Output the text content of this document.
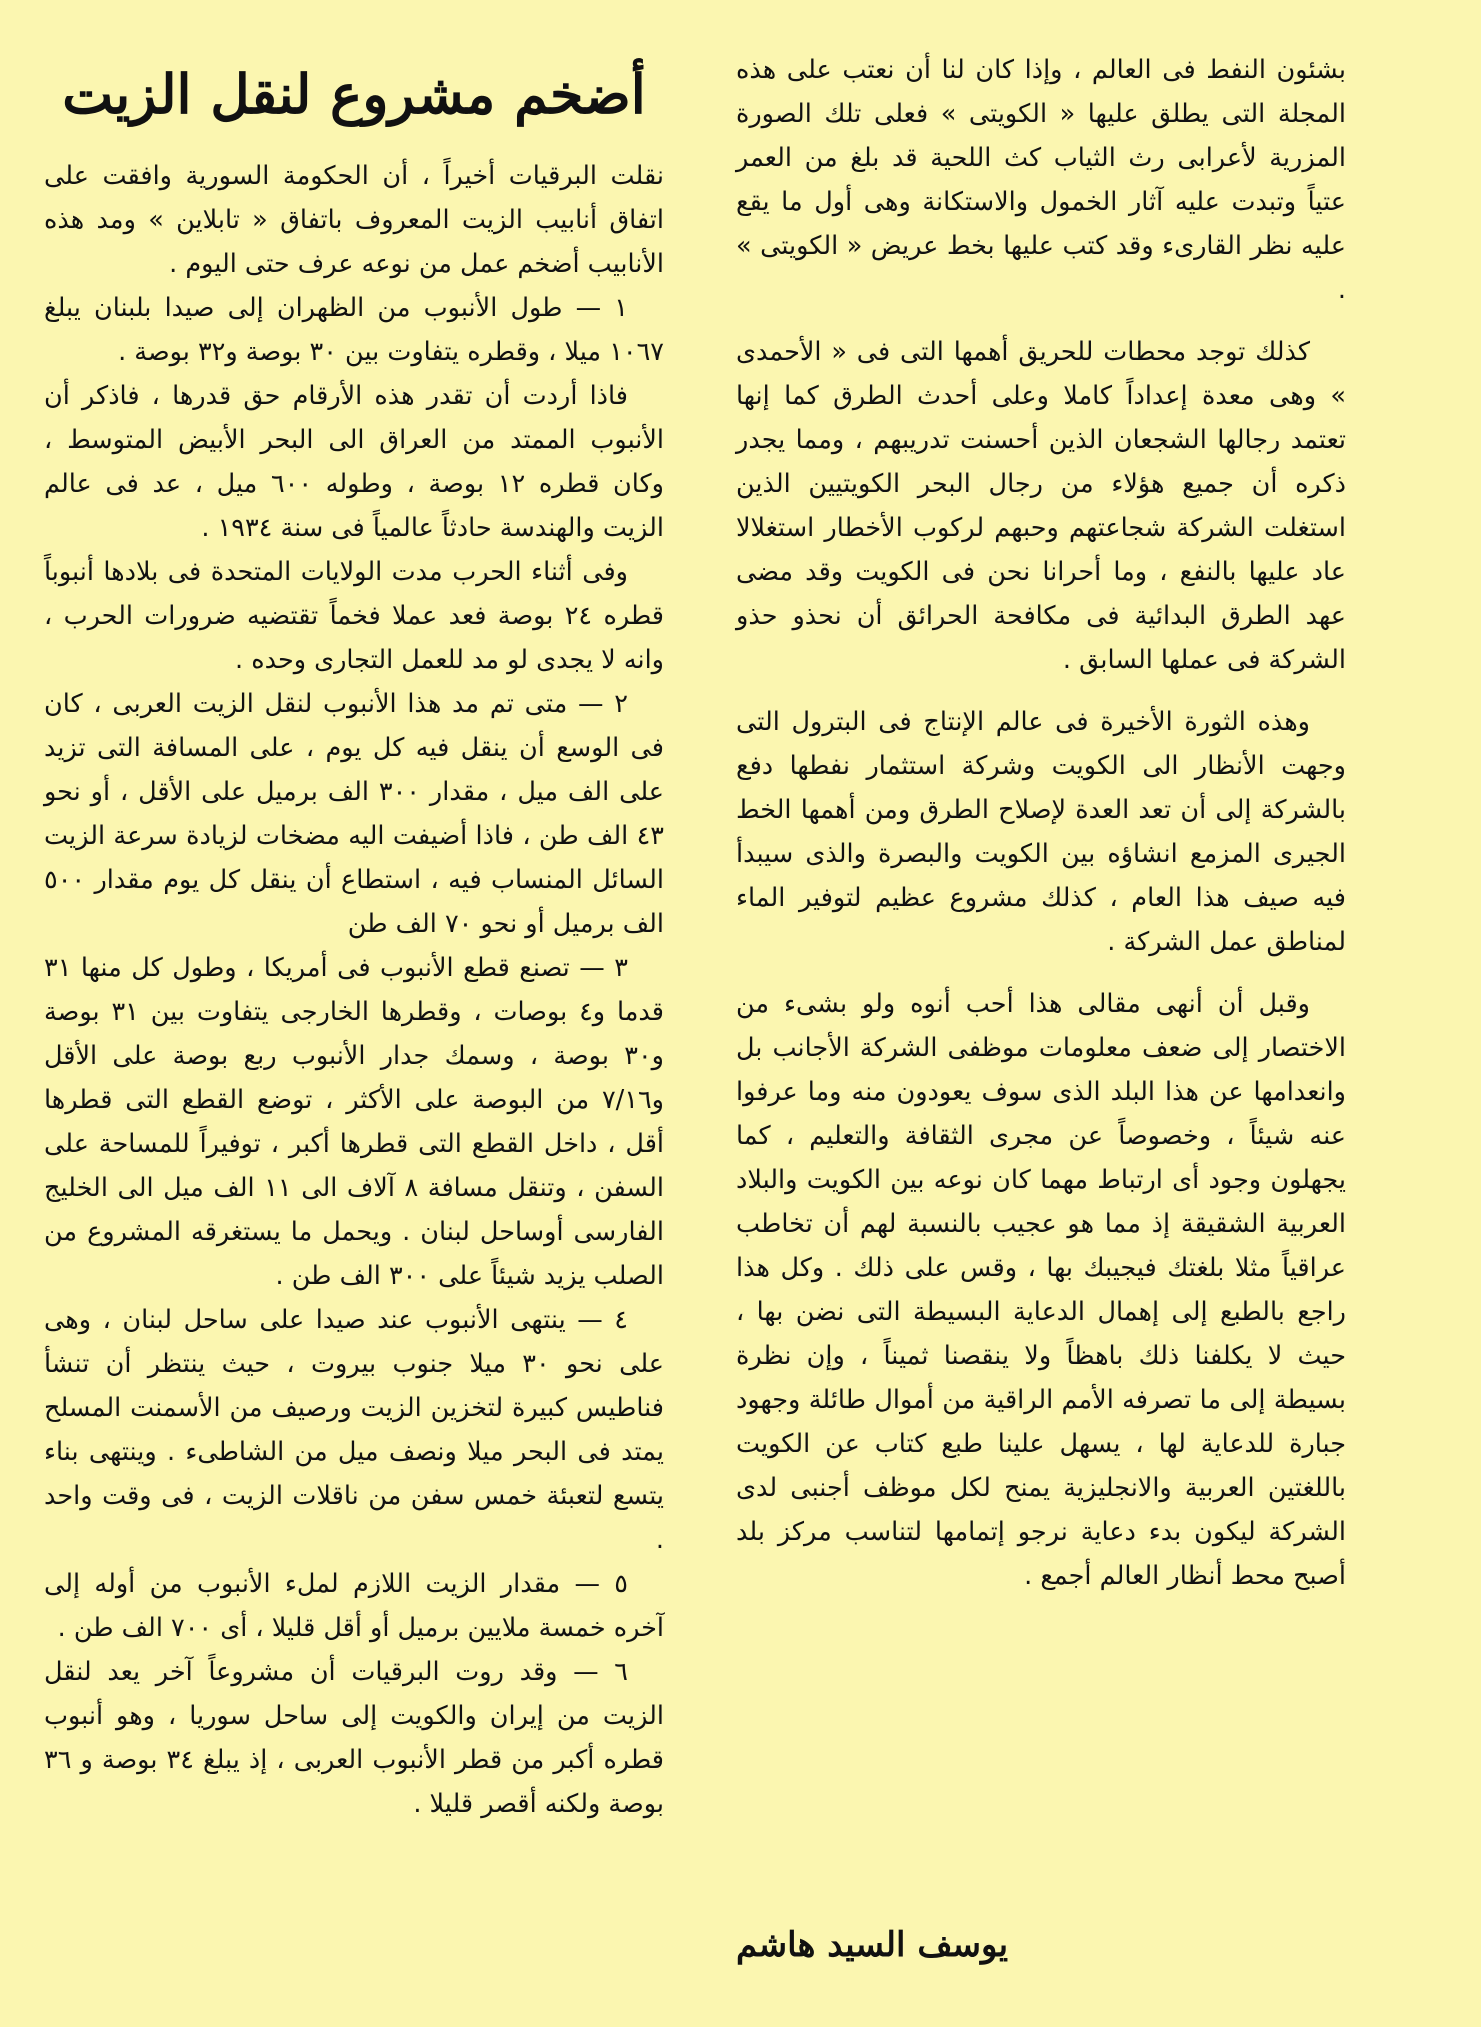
بشئون النفط فى العالم ، وإذا كان لنا أن نعتب على هذه المجلة التى يطلق عليها « الكويتى » فعلى تلك الصورة المزرية لأعرابى رث الثياب كث اللحية قد بلغ من العمر عتياً وتبدت عليه آثار الخمول والاستكانة وهى أول ما يقع عليه نظر القارىء وقد كتب عليها بخط عريض « الكويتى » .

كذلك توجد محطات للحريق أهمها التى فى « الأحمدى » وهى معدة إعداداً كاملا وعلى أحدث الطرق كما إنها تعتمد رجالها الشجعان الذين أحسنت تدريبهم ، ومما يجدر ذكره أن جميع هؤلاء من رجال البحر الكويتيين الذين استغلت الشركة شجاعتهم وحبهم لركوب الأخطار استغلالا عاد عليها بالنفع ، وما أحرانا نحن فى الكويت وقد مضى عهد الطرق البدائية فى مكافحة الحرائق أن نحذو حذو الشركة فى عملها السابق .

وهذه الثورة الأخيرة فى عالم الإنتاج فى البترول التى وجهت الأنظار الى الكويت وشركة استثمار نفطها دفع بالشركة إلى أن تعد العدة لإصلاح الطرق ومن أهمها الخط الجيرى المزمع انشاؤه بين الكويت والبصرة والذى سيبدأ فيه صيف هذا العام ، كذلك مشروع عظيم لتوفير الماء لمناطق عمل الشركة .

وقبل أن أنهى مقالى هذا أحب أنوه ولو بشىء من الاختصار إلى ضعف معلومات موظفى الشركة الأجانب بل وانعدامها عن هذا البلد الذى سوف يعودون منه وما عرفوا عنه شيئاً ، وخصوصاً عن مجرى الثقافة والتعليم ، كما يجهلون وجود أى ارتباط مهما كان نوعه بين الكويت والبلاد العربية الشقيقة إذ مما هو عجيب بالنسبة لهم أن تخاطب عراقياً مثلا بلغتك فيجيبك بها ، وقس على ذلك . وكل هذا راجع بالطبع إلى إهمال الدعاية البسيطة التى نضن بها ، حيث لا يكلفنا ذلك باهظاً ولا ينقصنا ثميناً ، وإن نظرة بسيطة إلى ما تصرفه الأمم الراقية من أموال طائلة وجهود جبارة للدعاية لها ، يسهل علينا طبع كتاب عن الكويت باللغتين العربية والانجليزية يمنح لكل موظف أجنبى لدى الشركة ليكون بدء دعاية نرجو إتمامها لتناسب مركز بلد أصبح محط أنظار العالم أجمع .

يوسف السيد هاشم
أضخم مشروع لنقل الزيت

نقلت البرقيات أخيراً ، أن الحكومة السورية وافقت على اتفاق أنابيب الزيت المعروف باتفاق « تابلاين » ومد هذه الأنابيب أضخم عمل من نوعه عرف حتى اليوم .

١ — طول الأنبوب من الظهران إلى صيدا بلبنان يبلغ ١٠٦٧ ميلا ، وقطره يتفاوت بين ٣٠ بوصة و٣٢ بوصة .

فاذا أردت أن تقدر هذه الأرقام حق قدرها ، فاذكر أن الأنبوب الممتد من العراق الى البحر الأبيض المتوسط ، وكان قطره ١٢ بوصة ، وطوله ٦٠٠ ميل ، عد فى عالم الزيت والهندسة حادثاً عالمياً فى سنة ١٩٣٤ .

وفى أثناء الحرب مدت الولايات المتحدة فى بلادها أنبوباً قطره ٢٤ بوصة فعد عملا فخماً تقتضيه ضرورات الحرب ، وانه لا يجدى لو مد للعمل التجارى وحده .

٢ — متى تم مد هذا الأنبوب لنقل الزيت العربى ، كان فى الوسع أن ينقل فيه كل يوم ، على المسافة التى تزيد على الف ميل ، مقدار ٣٠٠ الف برميل على الأقل ، أو نحو ٤٣ الف طن ، فاذا أضيفت اليه مضخات لزيادة سرعة الزيت السائل المنساب فيه ، استطاع أن ينقل كل يوم مقدار ٥٠٠ الف برميل أو نحو ٧٠ الف طن

٣ — تصنع قطع الأنبوب فى أمريكا ، وطول كل منها ٣١ قدما و٤ بوصات ، وقطرها الخارجى يتفاوت بين ٣١ بوصة و٣٠ بوصة ، وسمك جدار الأنبوب ربع بوصة على الأقل و٧/١٦ من البوصة على الأكثر ، توضع القطع التى قطرها أقل ، داخل القطع التى قطرها أكبر ، توفيراً للمساحة على السفن ، وتنقل مسافة ٨ آلاف الى ١١ الف ميل الى الخليج الفارسى أوساحل لبنان . ويحمل ما يستغرقه المشروع من الصلب يزيد شيئاً على ٣٠٠ الف طن .

٤ — ينتهى الأنبوب عند صيدا على ساحل لبنان ، وهى على نحو ٣٠ ميلا جنوب بيروت ، حيث ينتظر أن تنشأ فناطيس كبيرة لتخزين الزيت ورصيف من الأسمنت المسلح يمتد فى البحر ميلا ونصف ميل من الشاطىء . وينتهى بناء يتسع لتعبئة خمس سفن من ناقلات الزيت ، فى وقت واحد .

٥ — مقدار الزيت اللازم لملء الأنبوب من أوله إلى آخره خمسة ملايين برميل أو أقل قليلا ، أى ٧٠٠ الف طن .

٦ — وقد روت البرقيات أن مشروعاً آخر يعد لنقل الزيت من إيران والكويت إلى ساحل سوريا ، وهو أنبوب قطره أكبر من قطر الأنبوب العربى ، إذ يبلغ ٣٤ بوصة و ٣٦ بوصة ولكنه أقصر قليلا .
